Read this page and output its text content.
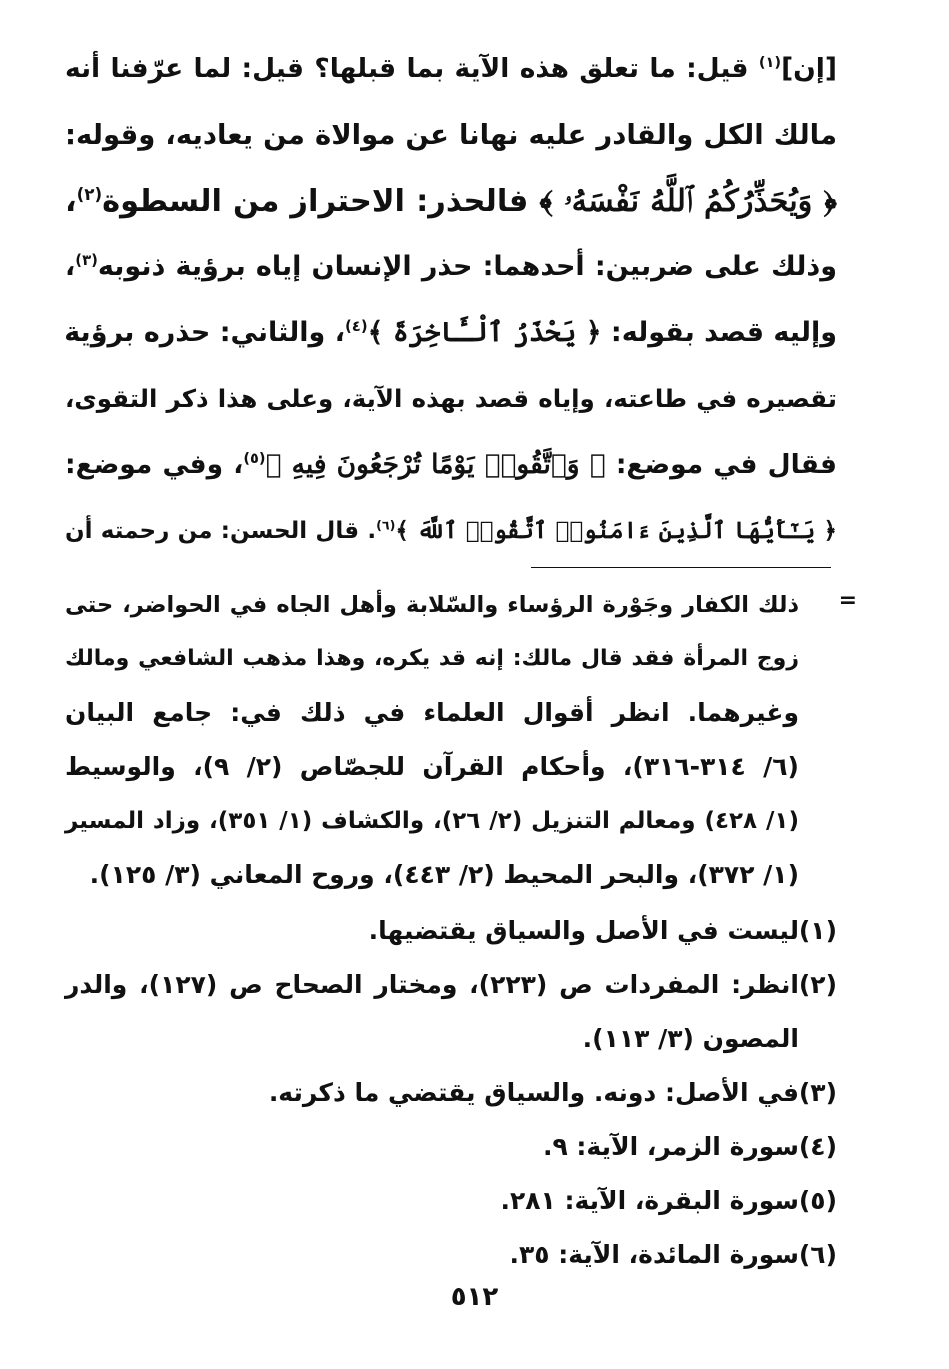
[إن]$^{(١)}$ قيل: ما تعلق هذه الآية بما قبلها؟ قيل: لما عرّفنا أنه
مالك الكل والقادر عليه نهانا عن موالاة من يعاديه، وقوله:
﴿ وَيُحَذِّرُكُمُ ٱللَّهُ نَفْسَهُۥ ﴾ فالحذر: الاحتراز من السطوة$^{(٢)}$،
وذلك على ضربين: أحدهما: حذر الإنسان إياه برؤية ذنوبه$^{(٣)}$،
وإليه قصد بقوله: ﴿ يَحْذَرُ ٱلْـَٔاخِرَةَ ﴾$^{(٤)}$، والثاني: حذره برؤية
تقصيره في طاعته، وإياه قصد بهذه الآية، وعلى هذا ذكر التقوى،
فقال في موضع: ﴿ وَٱتَّقُوا۟ يَوْمًا تُرْجَعُونَ فِيهِ ﴾$^{(٥)}$، وفي موضع:
﴿ يَـٰٓأَيُّهَا ٱلَّذِينَ ءَامَنُوا۟ ٱتَّقُوا۟ ٱللَّهَ ﴾$^{(٦)}$. قال الحسن: من رحمته أن
=
ذلك الكفار وجَوْرة الرؤساء والسّلابة وأهل الجاه في الحواضر، حتى
زوج المرأة فقد قال مالك: إنه قد يكره، وهذا مذهب الشافعي ومالك
وغيرهما. انظر أقوال العلماء في ذلك في: جامع البيان
(٦/ ٣١٤-٣١٦)، وأحكام القرآن للجصّاص (٢/ ٩)، والوسيط
(١/ ٤٢٨) ومعالم التنزيل (٢/ ٢٦)، والكشاف (١/ ٣٥١)، وزاد المسير
(١/ ٣٧٢)، والبحر المحيط (٢/ ٤٤٣)، وروح المعاني (٣/ ١٢٥).
(١)ليست في الأصل والسياق يقتضيها.
(٢)انظر: المفردات ص (٢٢٣)، ومختار الصحاح ص (١٢٧)، والدر
المصون (٣/ ١١٣).
(٣)في الأصل: دونه. والسياق يقتضي ما ذكرته.
(٤)سورة الزمر، الآية: ٩.
(٥)سورة البقرة، الآية: ٢٨١.
(٦)سورة المائدة، الآية: ٣٥.
٥١٢
